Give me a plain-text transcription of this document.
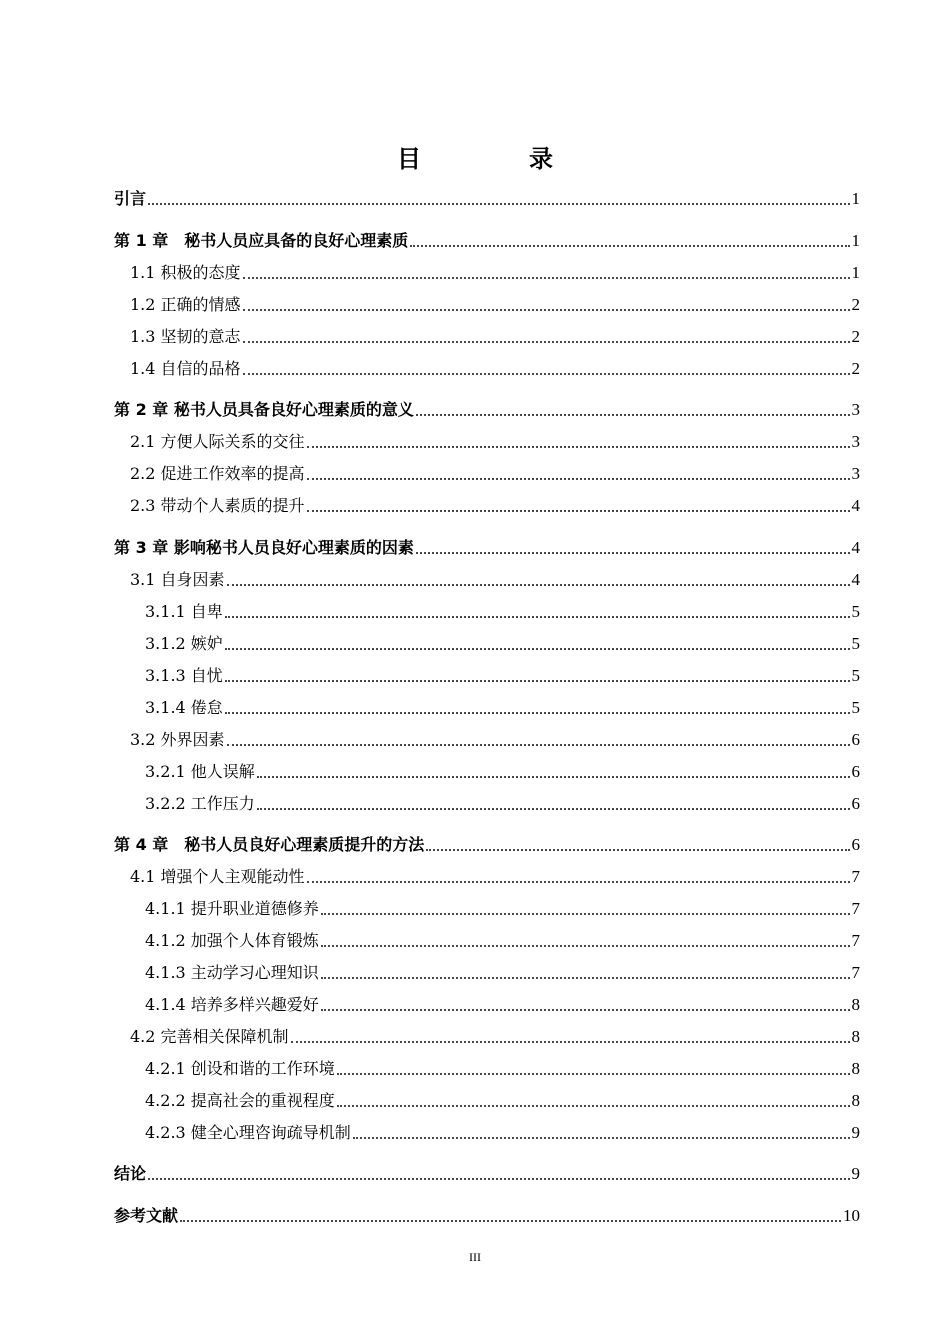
目　录
引言	1
第 1 章　秘书人员应具备的良好心理素质	1
1.1 积极的态度	1
1.2 正确的情感	2
1.3 坚韧的意志	2
1.4 自信的品格	2
第 2 章 秘书人员具备良好心理素质的意义	3
2.1 方便人际关系的交往	3
2.2 促进工作效率的提高	3
2.3 带动个人素质的提升	4
第 3 章 影响秘书人员良好心理素质的因素	4
3.1 自身因素	4
3.1.1 自卑	5
3.1.2 嫉妒	5
3.1.3 自忧	5
3.1.4 倦怠	5
3.2 外界因素	6
3.2.1 他人误解	6
3.2.2 工作压力	6
第 4 章　秘书人员良好心理素质提升的方法	6
4.1 增强个人主观能动性	7
4.1.1 提升职业道德修养	7
4.1.2 加强个人体育锻炼	7
4.1.3 主动学习心理知识	7
4.1.4 培养多样兴趣爱好	8
4.2 完善相关保障机制	8
4.2.1 创设和谐的工作环境	8
4.2.2 提高社会的重视程度	8
4.2.3 健全心理咨询疏导机制	9
结论	9
参考文献	10
III
